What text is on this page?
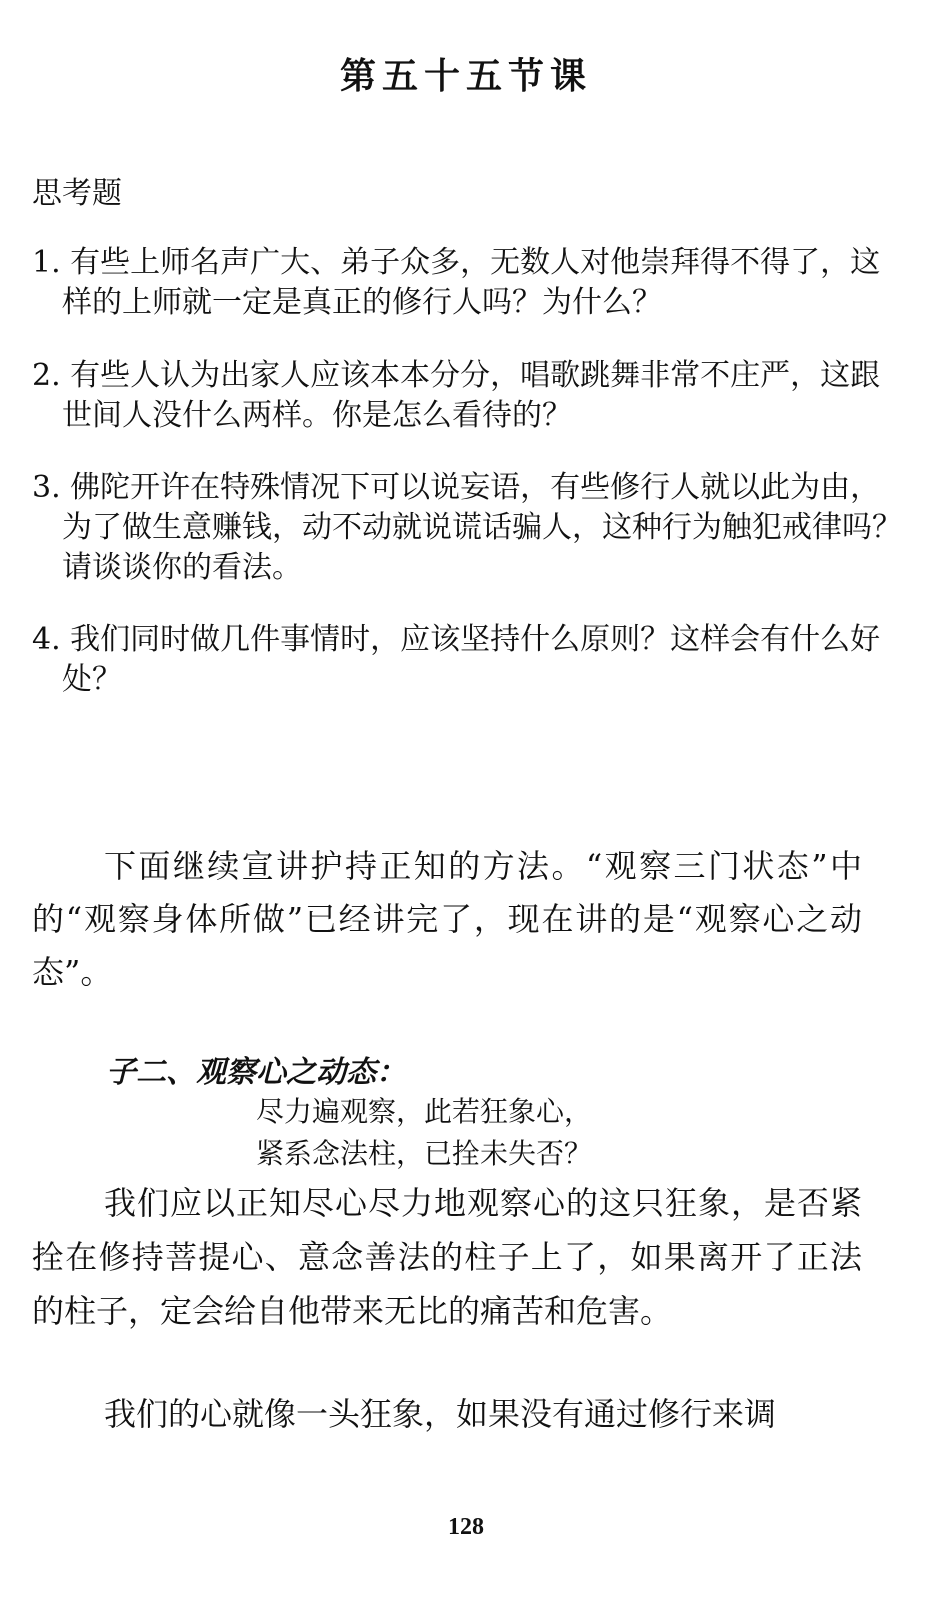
第五十五节课
思考题

1. 有些上师名声广大、弟子众多，无数人对他崇拜得不得了，这样的上师就一定是真正的修行人吗？为什么？

2. 有些人认为出家人应该本本分分，唱歌跳舞非常不庄严，这跟世间人没什么两样。你是怎么看待的？

3. 佛陀开许在特殊情况下可以说妄语，有些修行人就以此为由，为了做生意赚钱，动不动就说谎话骗人，这种行为触犯戒律吗？请谈谈你的看法。

4. 我们同时做几件事情时，应该坚持什么原则？这样会有什么好处？

下面继续宣讲护持正知的方法。“观察三门状态”中的“观察身体所做”已经讲完了，现在讲的是“观察心之动态”。

子二、观察心之动态：
尽力遍观察，此若狂象心，
紧系念法柱，已拴未失否？

我们应以正知尽心尽力地观察心的这只狂象，是否紧拴在修持菩提心、意念善法的柱子上了，如果离开了正法的柱子，定会给自他带来无比的痛苦和危害。

我们的心就像一头狂象，如果没有通过修行来调

128
